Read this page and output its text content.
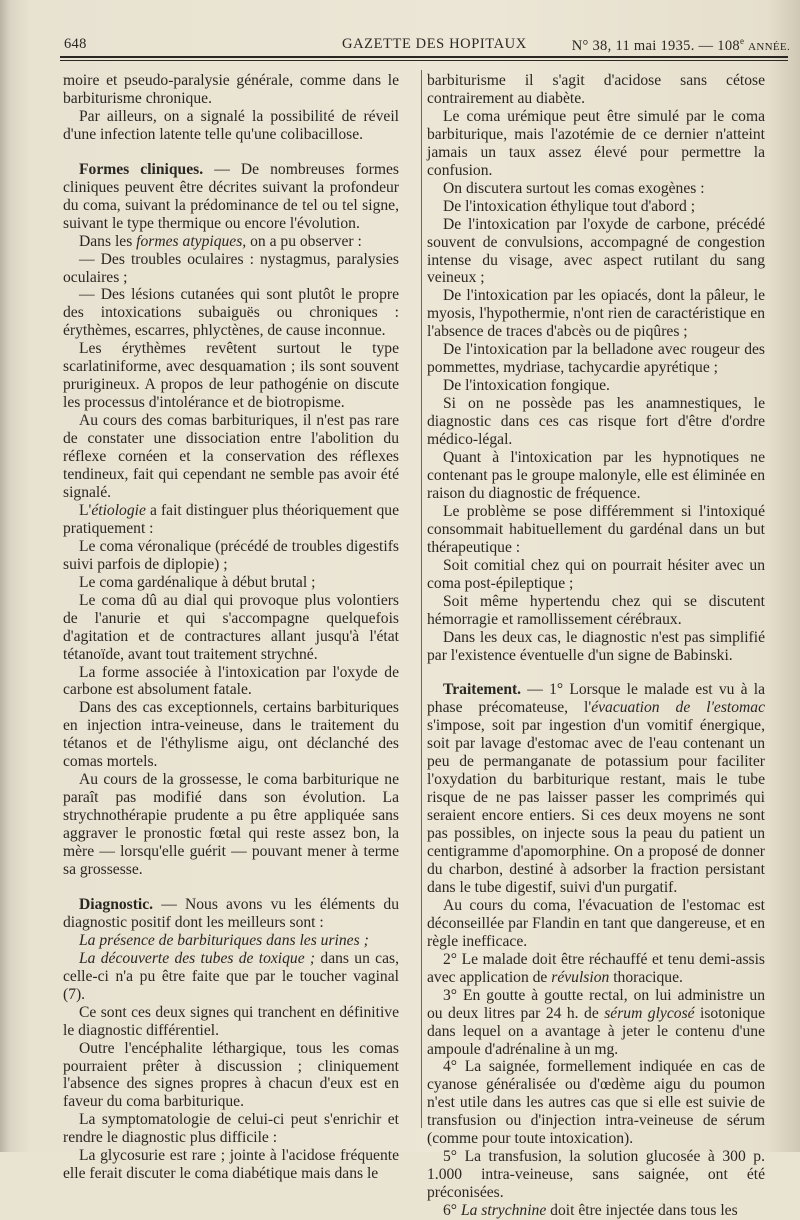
648	GAZETTE DES HOPITAUX	N° 38, 11 mai 1935. — 108e ANNÉE.

moire et pseudo-paralysie générale, comme dans le barbiturisme chronique.

Par ailleurs, on a signalé la possibilité de réveil d'une infection latente telle qu'une colibacillose.

Formes cliniques. — De nombreuses formes cliniques peuvent être décrites suivant la profondeur du coma, suivant la prédominance de tel ou tel signe, suivant le type thermique ou encore l'évolution.

Dans les formes atypiques, on a pu observer :

— Des troubles oculaires : nystagmus, paralysies oculaires ;

— Des lésions cutanées qui sont plutôt le propre des intoxications subaiguës ou chroniques : érythèmes, escarres, phlyctènes, de cause inconnue.

Les érythèmes revêtent surtout le type scarlatiniforme, avec desquamation ; ils sont souvent prurigineux. A propos de leur pathogénie on discute les processus d'intolérance et de biotropisme.

Au cours des comas barbituriques, il n'est pas rare de constater une dissociation entre l'abolition du réflexe cornéen et la conservation des réflexes tendineux, fait qui cependant ne semble pas avoir été signalé.

L'étiologie a fait distinguer plus théoriquement que pratiquement :

Le coma véronalique (précédé de troubles digestifs suivi parfois de diplopie) ;

Le coma gardénalique à début brutal ;

Le coma dû au dial qui provoque plus volontiers de l'anurie et qui s'accompagne quelquefois d'agitation et de contractures allant jusqu'à l'état tétanoïde, avant tout traitement strychné.

La forme associée à l'intoxication par l'oxyde de carbone est absolument fatale.

Dans des cas exceptionnels, certains barbituriques en injection intra-veineuse, dans le traitement du tétanos et de l'éthylisme aigu, ont déclanché des comas mortels.

Au cours de la grossesse, le coma barbiturique ne paraît pas modifié dans son évolution. La strychnothérapie prudente a pu être appliquée sans aggraver le pronostic fœtal qui reste assez bon, la mère — lorsqu'elle guérit — pouvant mener à terme sa grossesse.

Diagnostic. — Nous avons vu les éléments du diagnostic positif dont les meilleurs sont :

La présence de barbituriques dans les urines ;

La découverte des tubes de toxique ; dans un cas, celle-ci n'a pu être faite que par le toucher vaginal (7).

Ce sont ces deux signes qui tranchent en définitive le diagnostic différentiel.

Outre l'encéphalite léthargique, tous les comas pourraient prêter à discussion ; cliniquement l'absence des signes propres à chacun d'eux est en faveur du coma barbiturique.

La symptomatologie de celui-ci peut s'enrichir et rendre le diagnostic plus difficile :

La glycosurie est rare ; jointe à l'acidose fréquente elle ferait discuter le coma diabétique mais dans le

barbiturisme il s'agit d'acidose sans cétose contrairement au diabète.

Le coma urémique peut être simulé par le coma barbiturique, mais l'azotémie de ce dernier n'atteint jamais un taux assez élevé pour permettre la confusion.

On discutera surtout les comas exogènes :

De l'intoxication éthylique tout d'abord ;

De l'intoxication par l'oxyde de carbone, précédé souvent de convulsions, accompagné de congestion intense du visage, avec aspect rutilant du sang veineux ;

De l'intoxication par les opiacés, dont la pâleur, le myosis, l'hypothermie, n'ont rien de caractéristique en l'absence de traces d'abcès ou de piqûres ;

De l'intoxication par la belladone avec rougeur des pommettes, mydriase, tachycardie apyrétique ;

De l'intoxication fongique.

Si on ne possède pas les anamnestiques, le diagnostic dans ces cas risque fort d'être d'ordre médico-légal.

Quant à l'intoxication par les hypnotiques ne contenant pas le groupe malonyle, elle est éliminée en raison du diagnostic de fréquence.

Le problème se pose différemment si l'intoxiqué consommait habituellement du gardénal dans un but thérapeutique :

Soit comitial chez qui on pourrait hésiter avec un coma post-épileptique ;

Soit même hypertendu chez qui se discutent hémorragie et ramollissement cérébraux.

Dans les deux cas, le diagnostic n'est pas simplifié par l'existence éventuelle d'un signe de Babinski.

Traitement. — 1° Lorsque le malade est vu à la phase précomateuse, l'évacuation de l'estomac s'impose, soit par ingestion d'un vomitif énergique, soit par lavage d'estomac avec de l'eau contenant un peu de permanganate de potassium pour faciliter l'oxydation du barbiturique restant, mais le tube risque de ne pas laisser passer les comprimés qui seraient encore entiers. Si ces deux moyens ne sont pas possibles, on injecte sous la peau du patient un centigramme d'apomorphine. On a proposé de donner du charbon, destiné à adsorber la fraction persistant dans le tube digestif, suivi d'un purgatif.

Au cours du coma, l'évacuation de l'estomac est déconseillée par Flandin en tant que dangereuse, et en règle inefficace.

2° Le malade doit être réchauffé et tenu demi-assis avec application de révulsion thoracique.

3° En goutte à goutte rectal, on lui administre un ou deux litres par 24 h. de sérum glycosé isotonique dans lequel on a avantage à jeter le contenu d'une ampoule d'adrénaline à un mg.

4° La saignée, formellement indiquée en cas de cyanose généralisée ou d'œdème aigu du poumon n'est utile dans les autres cas que si elle est suivie de transfusion ou d'injection intra-veineuse de sérum (comme pour toute intoxication).

5° La transfusion, la solution glucosée à 300 p. 1.000 intra-veineuse, sans saignée, ont été préconisées.

6° La strychnine doit être injectée dans tous les
